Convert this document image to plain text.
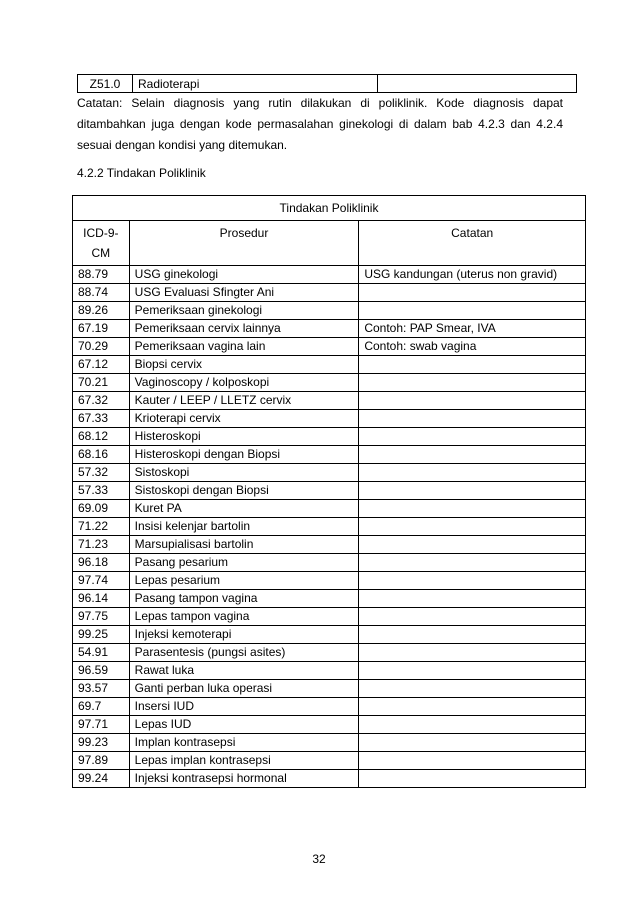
Z51.0	Radioterapi	

Catatan: Selain diagnosis yang rutin dilakukan di poliklinik. Kode diagnosis dapat ditambahkan juga dengan kode permasalahan ginekologi di dalam bab 4.2.3 dan 4.2.4 sesuai dengan kondisi yang ditemukan.

4.2.2 Tindakan Poliklinik
Tindakan Poliklinik		
ICD-9-CM	Prosedur	Catatan
88.79	USG ginekologi	USG kandungan (uterus non gravid)
88.74	USG Evaluasi Sfingter Ani	
89.26	Pemeriksaan ginekologi	
67.19	Pemeriksaan cervix lainnya	Contoh: PAP Smear, IVA
70.29	Pemeriksaan vagina lain	Contoh: swab vagina
67.12	Biopsi cervix	
70.21	Vaginoscopy / kolposkopi	
67.32	Kauter / LEEP / LLETZ cervix	
67.33	Krioterapi cervix	
68.12	Histeroskopi	
68.16	Histeroskopi dengan Biopsi	
57.32	Sistoskopi	
57.33	Sistoskopi dengan Biopsi	
69.09	Kuret PA	
71.22	Insisi kelenjar bartolin	
71.23	Marsupialisasi bartolin	
96.18	Pasang pesarium	
97.74	Lepas pesarium	
96.14	Pasang tampon vagina	
97.75	Lepas tampon vagina	
99.25	Injeksi kemoterapi	
54.91	Parasentesis (pungsi asites)	
96.59	Rawat luka	
93.57	Ganti perban luka operasi	
69.7	Insersi IUD	
97.71	Lepas IUD	
99.23	Implan kontrasepsi	
97.89	Lepas implan kontrasepsi	
99.24	Injeksi kontrasepsi hormonal	
32
